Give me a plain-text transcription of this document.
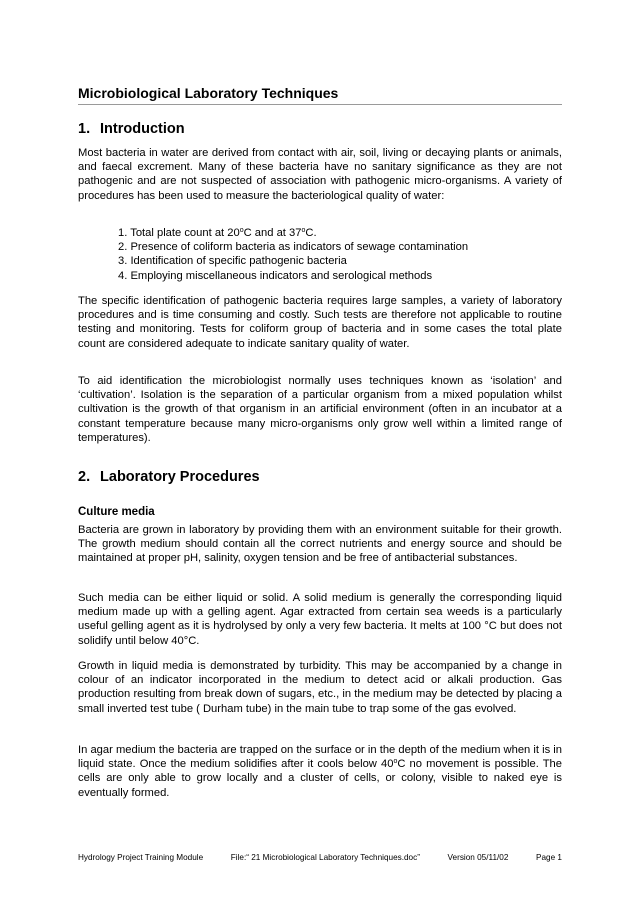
Microbiological Laboratory Techniques
1. Introduction

Most bacteria in water are derived from contact with air, soil, living or decaying plants or animals, and faecal excrement. Many of these bacteria have no sanitary significance as they are not pathogenic and are not suspected of association with pathogenic micro-organisms. A variety of procedures has been used to measure the bacteriological quality of water:

1. Total plate count at 20$^o$C and at 37$^o$C.
2. Presence of coliform bacteria as indicators of sewage contamination
3. Identification of specific pathogenic bacteria
4. Employing miscellaneous indicators and serological methods

The specific identification of pathogenic bacteria requires large samples, a variety of laboratory procedures and is time consuming and costly. Such tests are therefore not applicable to routine testing and monitoring. Tests for coliform group of bacteria and in some cases the total plate count are considered adequate to indicate sanitary quality of water.

To aid identification the microbiologist normally uses techniques known as ‘isolation’ and ‘cultivation’. Isolation is the separation of a particular organism from a mixed population whilst cultivation is the growth of that organism in an artificial environment (often in an incubator at a constant temperature because many micro-organisms only grow well within a limited range of temperatures).

2. Laboratory Procedures
Culture media

Bacteria are grown in laboratory by providing them with an environment suitable for their growth. The growth medium should contain all the correct nutrients and energy source and should be maintained at proper pH, salinity, oxygen tension and be free of antibacterial substances.

Such media can be either liquid or solid. A solid medium is generally the corresponding liquid medium made up with a gelling agent. Agar extracted from certain sea weeds is a particularly useful gelling agent as it is hydrolysed by only a very few bacteria. It melts at 100 °C but does not solidify until below 40°C.

Growth in liquid media is demonstrated by turbidity. This may be accompanied by a change in colour of an indicator incorporated in the medium to detect acid or alkali production. Gas production resulting from break down of sugars, etc., in the medium may be detected by placing a small inverted test tube ( Durham tube) in the main tube to trap some of the gas evolved.

In agar medium the bacteria are trapped on the surface or in the depth of the medium when it is in liquid state. Once the medium solidifies after it cools below 40$^o$C no movement is possible. The cells are only able to grow locally and a cluster of cells, or colony, visible to naked eye is eventually formed.

Hydrology Project Training Module	File:“ 21 Microbiological Laboratory Techniques.doc”	Version 05/11/02	Page 1
